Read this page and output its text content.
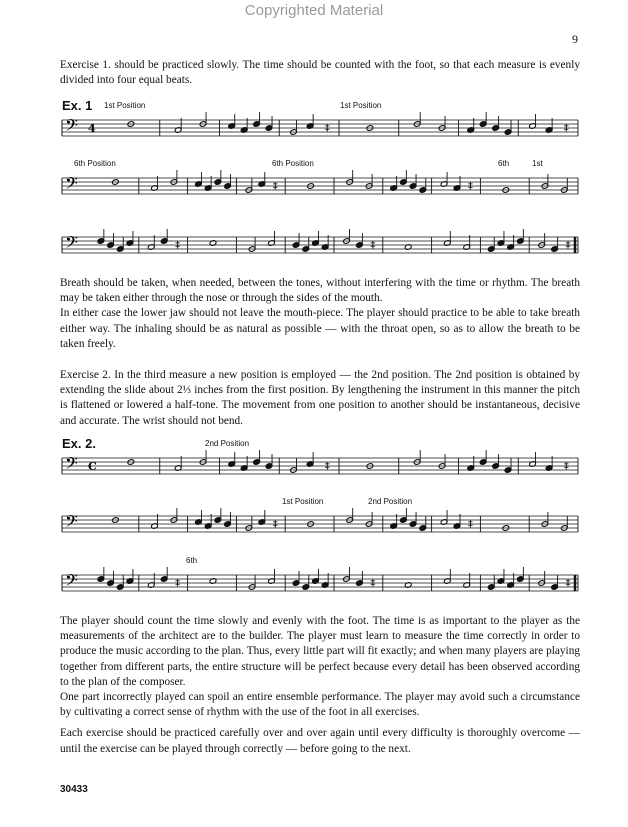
Copyrighted Material
9

Exercise 1. should be practiced slowly. The time should be counted with the foot, so that each measure is evenly divided into four equal beats.

Ex. 1
𝄢 4	‡	‡
𝄢	‡	‡
𝄢	‡	‡	‡
1st Position	1st Position
6th Position	6th Position	6th	1st

Breath should be taken, when needed, between the tones, without interfering with the time or rhythm. The breath may be taken either through the nose or through the sides of the mouth.

In either case the lower jaw should not leave the mouth-piece. The player should practice to be able to take breath either way. The inhaling should be as natural as possible — with the throat open, so as to allow the breath to be taken freely.

Exercise 2. In the third measure a new position is employed — the 2nd position. The 2nd position is obtained by extending the slide about 2⅓ inches from the first position. By lengthening the instrument in this manner the pitch is flattened or lowered a half-tone. The movement from one position to another should be instantaneous, decisive and accurate. The wrist should not bend.

Ex. 2.
𝄢 C	‡	‡
𝄢	‡	‡
𝄢	‡	‡	‡
2nd Position
1st Position	2nd Position
6th

The player should count the time slowly and evenly with the foot. The time is as important to the player as the measurements of the architect are to the builder. The player must learn to measure the time correctly in order to produce the music according to the plan. Thus, every little part will fit exactly; and when many players are playing together from different parts, the entire structure will be perfect because every detail has been observed according to the plan of the composer.

One part incorrectly played can spoil an entire ensemble performance. The player may avoid such a circumstance by cultivating a correct sense of rhythm with the use of the foot in all exercises.

Each exercise should be practiced carefully over and over again until every difficulty is thoroughly overcome — until the exercise can be played through correctly — before going to the next.

30433
